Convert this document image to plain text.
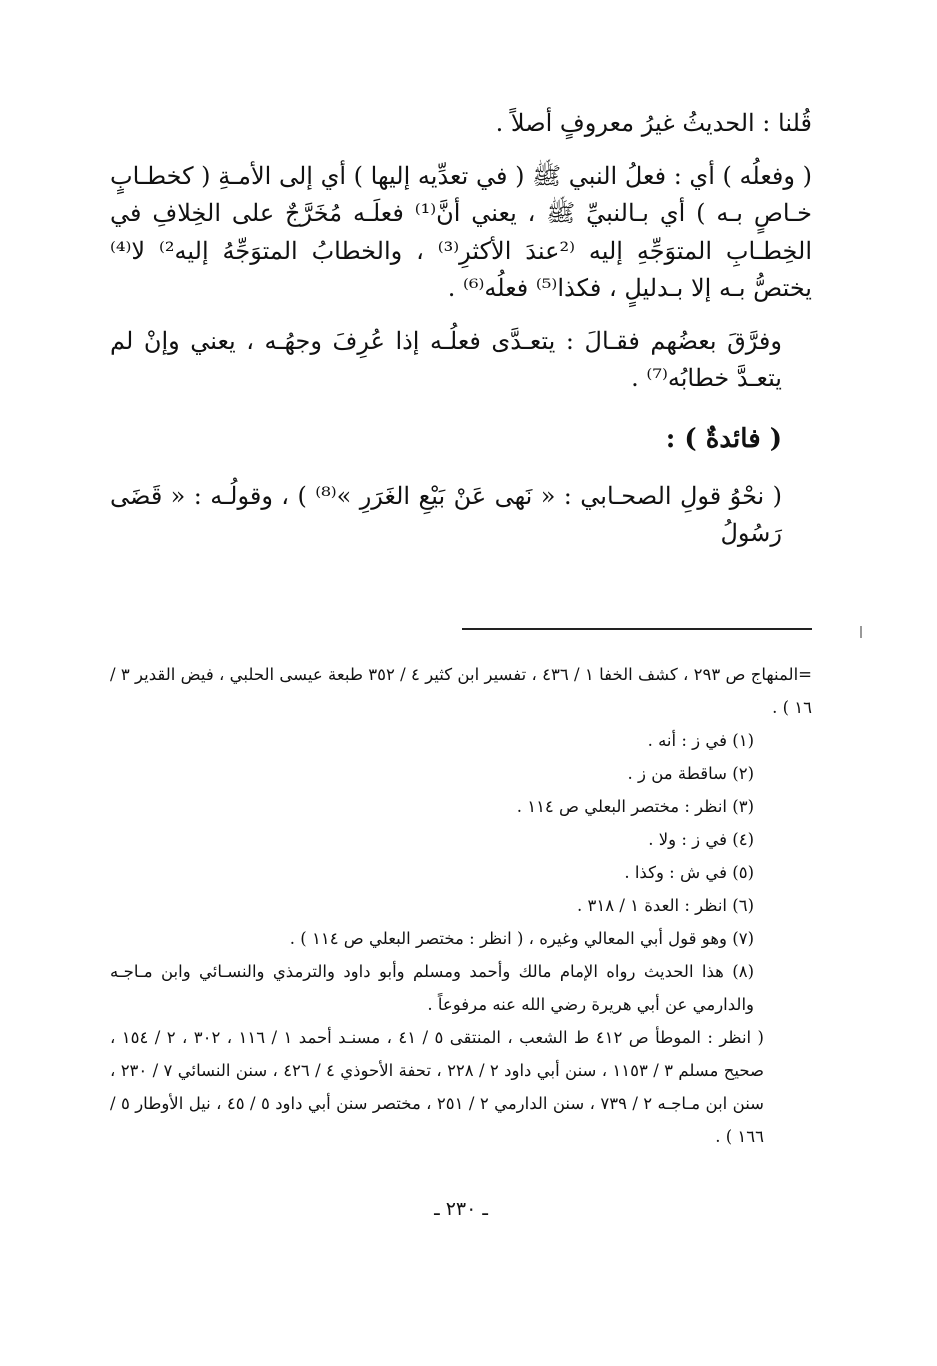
قُلنا : الحديثُ غيرُ معروفٍ أصلاً .

( وفعلُه ) أي : فعلُ النبي ﷺ ( في تعدِّيه إليها ) أي إلى الأمـةِ ( كخطـابٍ خـاصٍ بـه ) أي بـالنبيِّ ﷺ ، يعني أنَّ⁽¹⁾ فعلَـه مُخَرَّجٌ على الخِلافِ في الخِطـابِ المتوَجِّهِ إليه ⁽²عندَ الأكثرِ⁽³⁾ ، والخطابُ المتوَجِّهُ إليه²⁾ لا⁽⁴⁾ يختصُّ بـه إلا بـدليلٍ ، فكذا⁽⁵⁾ فعلُه⁽⁶⁾ .

وفرَّقَ بعضُهم فقـالَ : يتعـدَّى فعلُـه إذا عُرِفَ وجهُـه ، يعني وإنْ لم يتعـدَّ خطابُه⁽⁷⁾ .

( فائدةٌ ) :

( نحْوُ قولِ الصحـابي : « نَهى عَنْ بَيْعِ الغَرَرِ »⁽⁸⁾ ) ، وقولُـه : « قَضَى رَسُولُ

=المنهاج ص ٢٩٣ ، كشف الخفا ١ / ٤٣٦ ، تفسير ابن كثير ٤ / ٣٥٢ طبعة عيسى الحلبي ، فيض القدير ٣ / ١٦ ) .

(١) في ز : أنه .

(٢) ساقطة من ز .

(٣) انظر : مختصر البعلي ص ١١٤ .

(٤) في ز : ولا .

(٥) في ش : وكذا .

(٦) انظر : العدة ١ / ٣١٨ .

(٧) وهو قول أبي المعالي وغيره ، ( انظر : مختصر البعلي ص ١١٤ ) .

(٨) هذا الحديث رواه الإمام مالك وأحمد ومسلم وأبو داود والترمذي والنسـائي وابن مـاجـه والدارمي عن أبي هريرة رضي الله عنه مرفوعاً .

( انظر : الموطأ ص ٤١٢ ط الشعب ، المنتقى ٥ / ٤١ ، مسنـد أحمد ١ / ١١٦ ، ٣٠٢ ، ٢ / ١٥٤ ، صحيح مسلم ٣ / ١١٥٣ ، سنن أبي داود ٢ / ٢٢٨ ، تحفة الأحوذي ٤ / ٤٢٦ ، سنن النسائي ٧ / ٢٣٠ ، سنن ابن مـاجـه ٢ / ٧٣٩ ، سنن الدارمي ٢ / ٢٥١ ، مختصر سنن أبي داود ٥ / ٤٥ ، نيل الأوطار ٥ / ١٦٦ ) .

ـ ٢٣٠ ـ
